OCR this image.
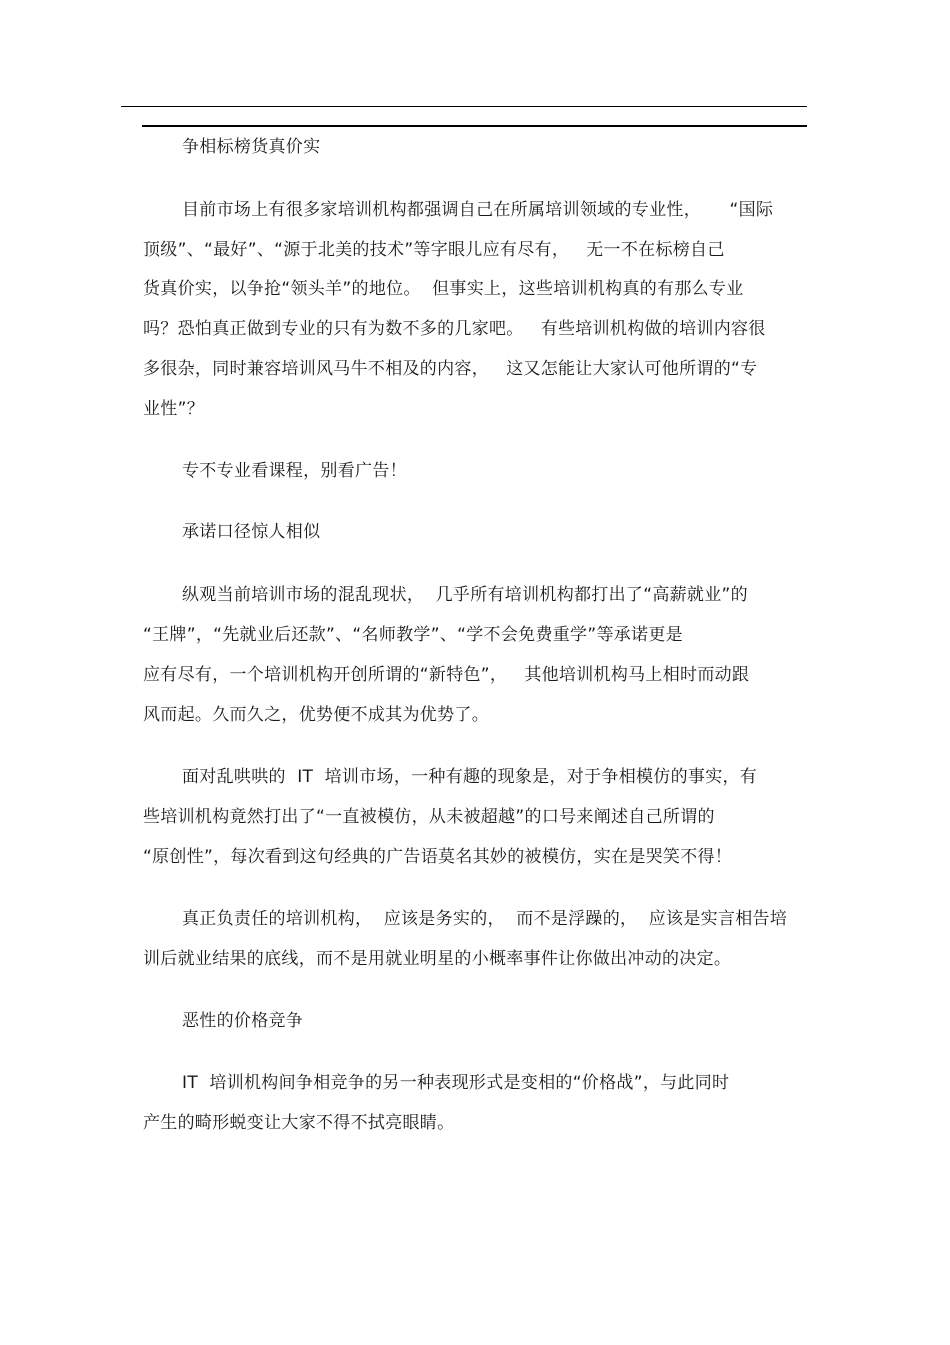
争相标榜货真价实
目前市场上有很多家培训机构都强调自己在所属培训领域的专业性，     “国际
顶级”、“最好”、“源于北美的技术”等字眼儿应有尽有，   无一不在标榜自己
货真价实，以争抢“领头羊”的地位。  但事实上，这些培训机构真的有那么专业
吗？恐怕真正做到专业的只有为数不多的几家吧。   有些培训机构做的培训内容很
多很杂，同时兼容培训风马牛不相及的内容，   这又怎能让大家认可他所谓的“专
业性”？
专不专业看课程，别看广告！
承诺口径惊人相似
纵观当前培训市场的混乱现状，  几乎所有培训机构都打出了“高薪就业”的
“王牌”，“先就业后还款”、“名师教学”、“学不会免费重学”等承诺更是
应有尽有，一个培训机构开创所谓的“新特色”，   其他培训机构马上相时而动跟
风而起。久而久之，优势便不成其为优势了。
面对乱哄哄的  IT  培训市场，一种有趣的现象是，对于争相模仿的事实，有
些培训机构竟然打出了“一直被模仿，从未被超越”的口号来阐述自己所谓的
“原创性”，每次看到这句经典的广告语莫名其妙的被模仿，实在是哭笑不得！
真正负责任的培训机构，  应该是务实的，  而不是浮躁的，  应该是实言相告培
训后就业结果的底线，而不是用就业明星的小概率事件让你做出冲动的决定。
恶性的价格竞争
IT  培训机构间争相竞争的另一种表现形式是变相的“价格战”，与此同时
产生的畸形蜕变让大家不得不拭亮眼睛。
